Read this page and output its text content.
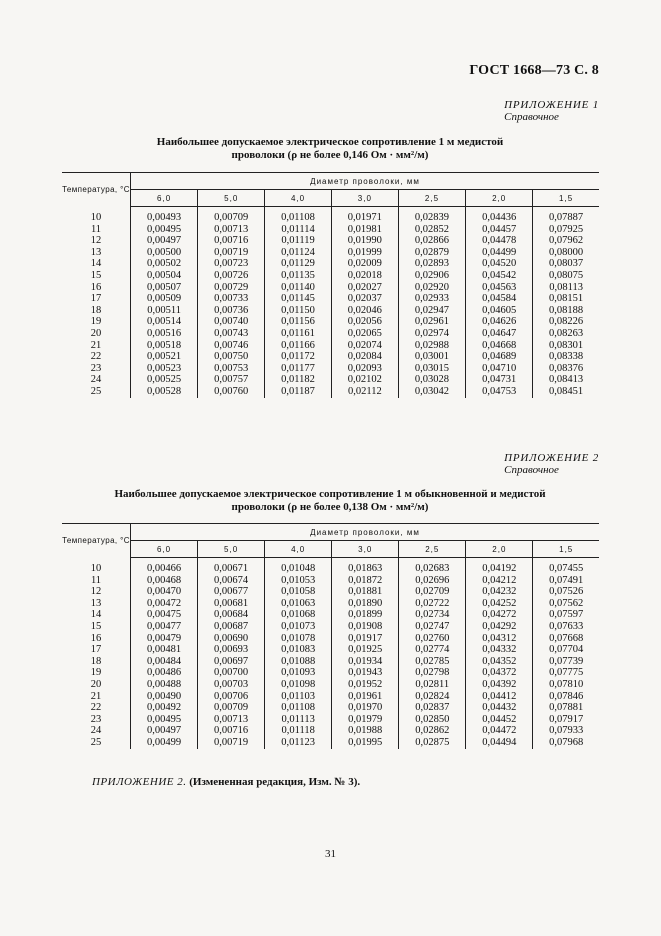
ГОСТ 1668—73 С. 8
ПРИЛОЖЕНИЕ 1
Справочное
Наибольшее допускаемое электрическое сопротивление 1 м медистой
проволоки (ρ не более 0,146 Ом · мм²/м)
Температура, °С	Диаметр проволоки, мм						
	6,0	5,0	4,0	3,0	2,5	2,0	1,5

10	0,00493	0,00709	0,01108	0,01971	0,02839	0,04436	0,07887
11	0,00495	0,00713	0,01114	0,01981	0,02852	0,04457	0,07925
12	0,00497	0,00716	0,01119	0,01990	0,02866	0,04478	0,07962
13	0,00500	0,00719	0,01124	0,01999	0,02879	0,04499	0,08000
14	0,00502	0,00723	0,01129	0,02009	0,02893	0,04520	0,08037
15	0,00504	0,00726	0,01135	0,02018	0,02906	0,04542	0,08075
16	0,00507	0,00729	0,01140	0,02027	0,02920	0,04563	0,08113
17	0,00509	0,00733	0,01145	0,02037	0,02933	0,04584	0,08151
18	0,00511	0,00736	0,01150	0,02046	0,02947	0,04605	0,08188
19	0,00514	0,00740	0,01156	0,02056	0,02961	0,04626	0,08226
20	0,00516	0,00743	0,01161	0,02065	0,02974	0,04647	0,08263
21	0,00518	0,00746	0,01166	0,02074	0,02988	0,04668	0,08301
22	0,00521	0,00750	0,01172	0,02084	0,03001	0,04689	0,08338
23	0,00523	0,00753	0,01177	0,02093	0,03015	0,04710	0,08376
24	0,00525	0,00757	0,01182	0,02102	0,03028	0,04731	0,08413
25	0,00528	0,00760	0,01187	0,02112	0,03042	0,04753	0,08451
ПРИЛОЖЕНИЕ 2
Справочное
Наибольшее допускаемое электрическое сопротивление 1 м обыкновенной и медистой
проволоки (ρ не более 0,138 Ом · мм²/м)
Температура, °С	Диаметр проволоки, мм						
	6,0	5,0	4,0	3,0	2,5	2,0	1,5

10	0,00466	0,00671	0,01048	0,01863	0,02683	0,04192	0,07455
11	0,00468	0,00674	0,01053	0,01872	0,02696	0,04212	0,07491
12	0,00470	0,00677	0,01058	0,01881	0,02709	0,04232	0,07526
13	0,00472	0,00681	0,01063	0,01890	0,02722	0,04252	0,07562
14	0,00475	0,00684	0,01068	0,01899	0,02734	0,04272	0,07597
15	0,00477	0,00687	0,01073	0,01908	0,02747	0,04292	0,07633
16	0,00479	0,00690	0,01078	0,01917	0,02760	0,04312	0,07668
17	0,00481	0,00693	0,01083	0,01925	0,02774	0,04332	0,07704
18	0,00484	0,00697	0,01088	0,01934	0,02785	0,04352	0,07739
19	0,00486	0,00700	0,01093	0,01943	0,02798	0,04372	0,07775
20	0,00488	0,00703	0,01098	0,01952	0,02811	0,04392	0,07810
21	0,00490	0,00706	0,01103	0,01961	0,02824	0,04412	0,07846
22	0,00492	0,00709	0,01108	0,01970	0,02837	0,04432	0,07881
23	0,00495	0,00713	0,01113	0,01979	0,02850	0,04452	0,07917
24	0,00497	0,00716	0,01118	0,01988	0,02862	0,04472	0,07933
25	0,00499	0,00719	0,01123	0,01995	0,02875	0,04494	0,07968
ПРИЛОЖЕНИЕ 2. (Измененная редакция, Изм. № 3).
31
